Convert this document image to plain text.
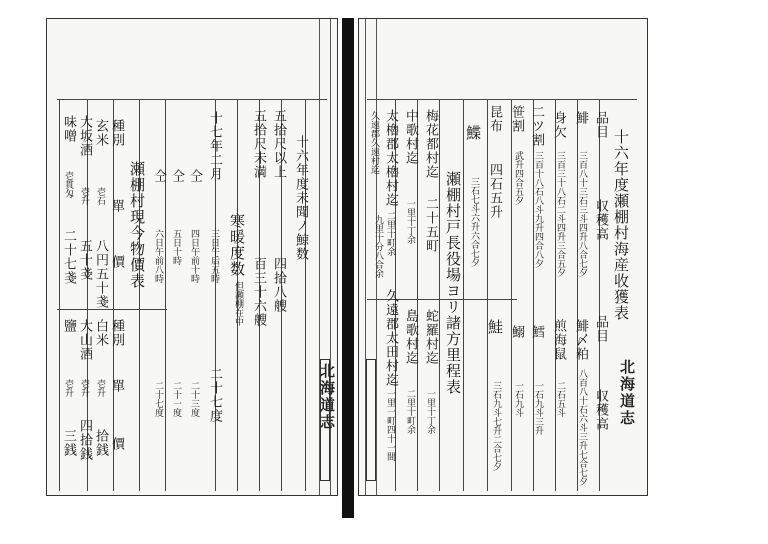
北海道志
十六年度未聞ノ鯨数
五拾尺以上
四拾八艘
五拾尺未満
百三十六艘
寒暖度数
但瀬棚在中
十七年二月
三日午后五時
二十七度
仝
四日午前十時
二十三度
仝
五日十時
二十一度
仝
六日午前八時
二十七度
瀬棚村現今物價表
種別
單
價
玄米
壱石
八円五十戔
大坂酒
壱升
五十戔
味噌
壱貫匁
二十七戔
種別
單
價
白米
壱升
拾銭
大山酒
壱升
四拾銭
鹽
壱升
三銭
北海道志
十六年度瀬棚村海産收獲表
品目
収穫高
品目
収穫高
鯡
三百八十三石三斗四升八合七夕
身欠
三百三十八石二斗四升三合五夕
二ツ割
三百十八石八斗九升四合八夕
笹割
武升四合五夕
昆布
四石五升
鰈
三石七斗六升六合七夕
鯡〆粕
八百八十石六斗三升七合七夕
煎海鼠
二石五斗
鱈
一石九斗三升
鰯
一石九斗
鮭
三石九斗七升二合七夕
瀬棚村戸長役場ヨリ諸方里程表
梅花都村迄
二十五町
中歌村迄
一里十丁余
太櫓郡太櫓村迄
二里十町余
久遠郡久遠村迄
九里十分八合余
蛇羅村迄
一里十丁余
島歌村迄
二里十町余
久遠郡太田村迄
一里一町四十一間
